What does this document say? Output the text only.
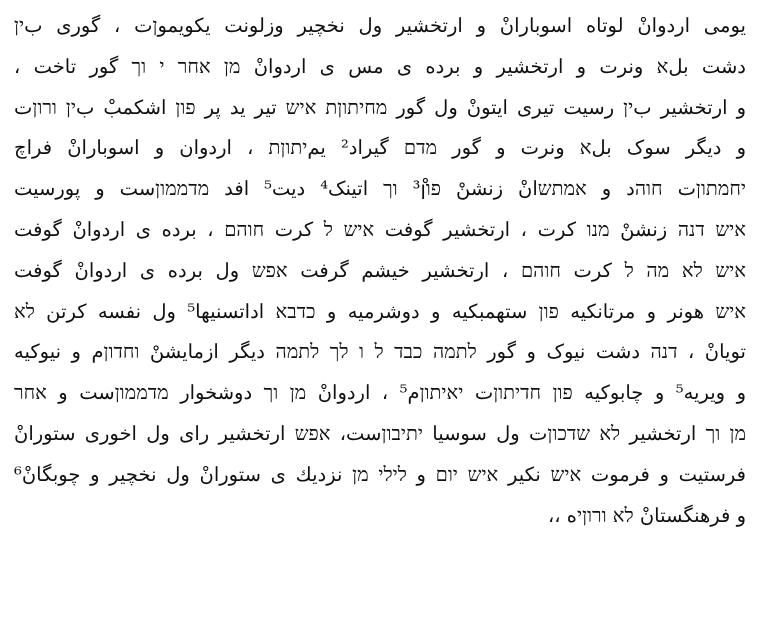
یومی اردوانْ لوتاه اسوبارانْ و ارتخشیر ول نخچیر وزلونت یکویموןت ، گوری بין
دشت بلא ونرت و ارتخشیر و برده ی مس ی اردوانْ מן אחר י וך گور تاخت ،
و ارتخشیر بין رسیت تیری ایتونْ ول گور מחיתוןת איש تیر ید پر פון اشکمبْ بין ורוןت
و دیگر سوک بلא ونرت و گور מדם گیراد² یمיתוןת ، اردوان و اسوبارانْ فراچ
יחמתוןت חוהد و אמתשانْ زنشنْ פוןْ³ וך اتینک⁴ دیت⁵ افد מדממוןست و پورسیت
איש דנה زنشنْ מנו کرت ، ارتخشیر گوفت איש ל کرت חוהם ، برده ی اردوانْ گوفت
איש לא מה ל کرت חוהם ، ارتخشیر خیشم گرفت אפש ول برده ی اردوانْ گوفت
איש هونر و مرتانکیه פון ستهمبکیه و دوشرمیه و כדבא اداتسنیها⁵ ول نفسه کرتن לא
تویانْ ، דנה دشت نیوک و گور לתמה כבד ל ו לך לתמה دیگر ازمایشنْ וחדוןم و نیوکیه
و ویریه⁵ و چابوکیه פון חדיתוןت יאיתוןم⁵ ، اردوانْ מן וך دوشخوار מדממוןست و אחר
מן וך ارتخشیر לא שדכוןت ول سوسیا יתיבוןست، אפש ارتخشیر رای ول اخوری ستورانْ
فرستیت و فرموت איש نکیر איש יום و לילי מן نزدیك ی ستورانْ ول نخچیر و چوبگانْ⁶
و فرهنگستانْ לא ורוןיه ،،
